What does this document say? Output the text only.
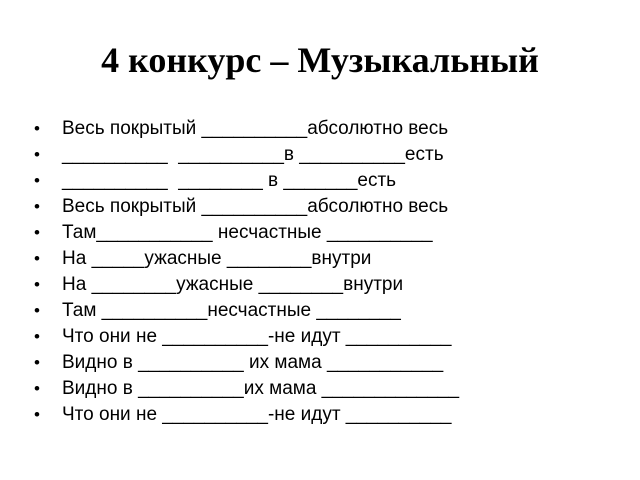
4 конкурс – Музыкальный
•	Весь покрытый __________абсолютно весь
•	__________  __________в __________есть
•	__________  ________ в _______есть
•	Весь покрытый __________абсолютно весь
•	Там___________ несчастные __________
•	На _____ужасные ________внутри
•	На ________ужасные ________внутри
•	Там __________несчастные ________
•	Что они не __________-не идут __________
•	Видно в __________ их мама ___________
•	Видно в __________их мама _____________
•	Что они не __________-не идут __________
